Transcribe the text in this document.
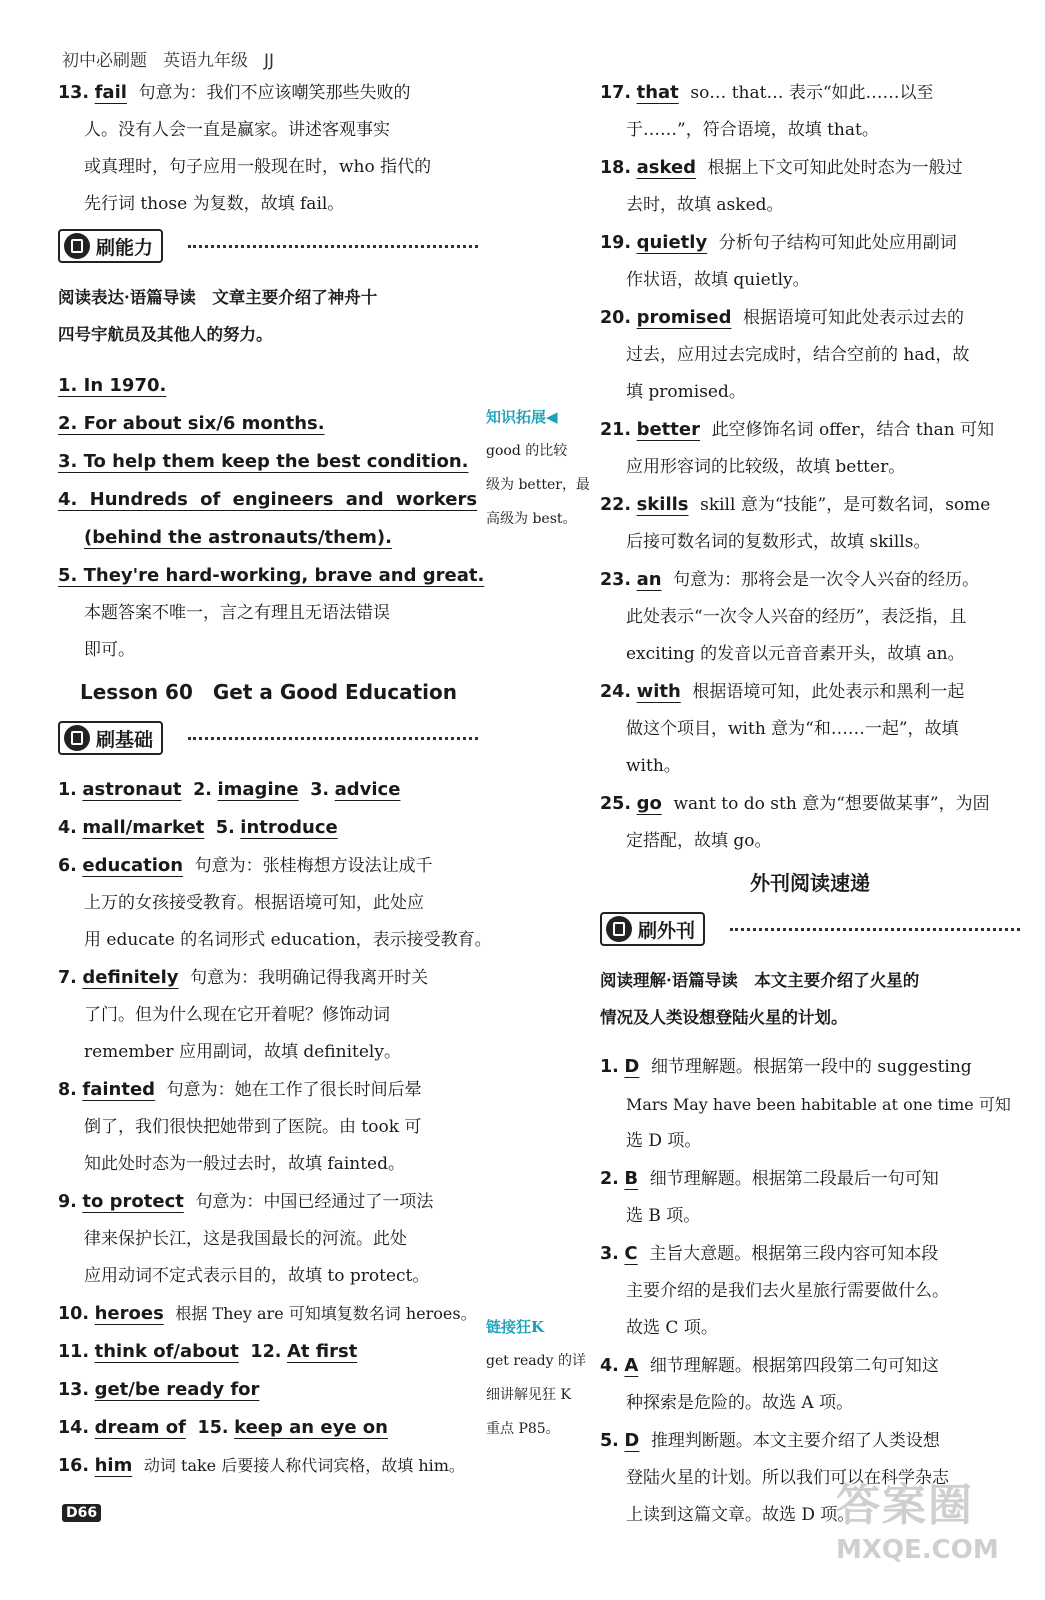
初中必刷题 英语九年级 JJ
13. fail 句意为：我们不应该嘲笑那些失败的
人。没有人会一直是赢家。讲述客观事实
或真理时，句子应用一般现在时，who 指代的
先行词 those 为复数，故填 fail。
刷能力
阅读表达·语篇导读　文章主要介绍了神舟十
四号宇航员及其他人的努力。
1. In 1970.
2. For about six/6 months.
3. To help them keep the best condition.
4. Hundreds of engineers and workers
(behind the astronauts/them).
5. They're hard-working, brave and great.
本题答案不唯一，言之有理且无语法错误
即可。
Lesson 60　Get a Good Education
刷基础
1. astronaut 2. imagine 3. advice
4. mall/market 5. introduce
6. education 句意为：张桂梅想方设法让成千
上万的女孩接受教育。根据语境可知，此处应
用 educate 的名词形式 education，表示接受教育。
7. definitely 句意为：我明确记得我离开时关
了门。但为什么现在它开着呢？修饰动词
remember 应用副词，故填 definitely。
8. fainted 句意为：她在工作了很长时间后晕
倒了，我们很快把她带到了医院。由 took 可
知此处时态为一般过去时，故填 fainted。
9. to protect 句意为：中国已经通过了一项法
律来保护长江，这是我国最长的河流。此处
应用动词不定式表示目的，故填 to protect。
10. heroes 根据 They are 可知填复数名词 heroes。
11. think of/about 12. At first
13. get/be ready for
14. dream of 15. keep an eye on
16. him 动词 take 后要接人称代词宾格，故填 him。
知识拓展◀
good 的比较
级为 better，最
高级为 best。
链接狂K
get ready 的详
细讲解见狂 K
重点 P85。
17. that so… that… 表示“如此……以至
于……”，符合语境，故填 that。
18. asked 根据上下文可知此处时态为一般过
去时，故填 asked。
19. quietly 分析句子结构可知此处应用副词
作状语，故填 quietly。
20. promised 根据语境可知此处表示过去的
过去，应用过去完成时，结合空前的 had，故
填 promised。
21. better 此空修饰名词 offer，结合 than 可知
应用形容词的比较级，故填 better。
22. skills skill 意为“技能”，是可数名词，some
后接可数名词的复数形式，故填 skills。
23. an 句意为：那将会是一次令人兴奋的经历。
此处表示“一次令人兴奋的经历”，表泛指，且
exciting 的发音以元音音素开头，故填 an。
24. with 根据语境可知，此处表示和黑利一起
做这个项目，with 意为“和……一起”，故填
with。
25. go want to do sth 意为“想要做某事”，为固
定搭配，故填 go。
外刊阅读速递
刷外刊
阅读理解·语篇导读　本文主要介绍了火星的
情况及人类设想登陆火星的计划。
1. D 细节理解题。根据第一段中的 suggesting
Mars May have been habitable at one time 可知
选 D 项。
2. B 细节理解题。根据第二段最后一句可知
选 B 项。
3. C 主旨大意题。根据第三段内容可知本段
主要介绍的是我们去火星旅行需要做什么。
故选 C 项。
4. A 细节理解题。根据第四段第二句可知这
种探索是危险的。故选 A 项。
5. D 推理判断题。本文主要介绍了人类设想
登陆火星的计划。所以我们可以在科学杂志
上读到这篇文章。故选 D 项。
D66	答案圈
MXQE.COM
